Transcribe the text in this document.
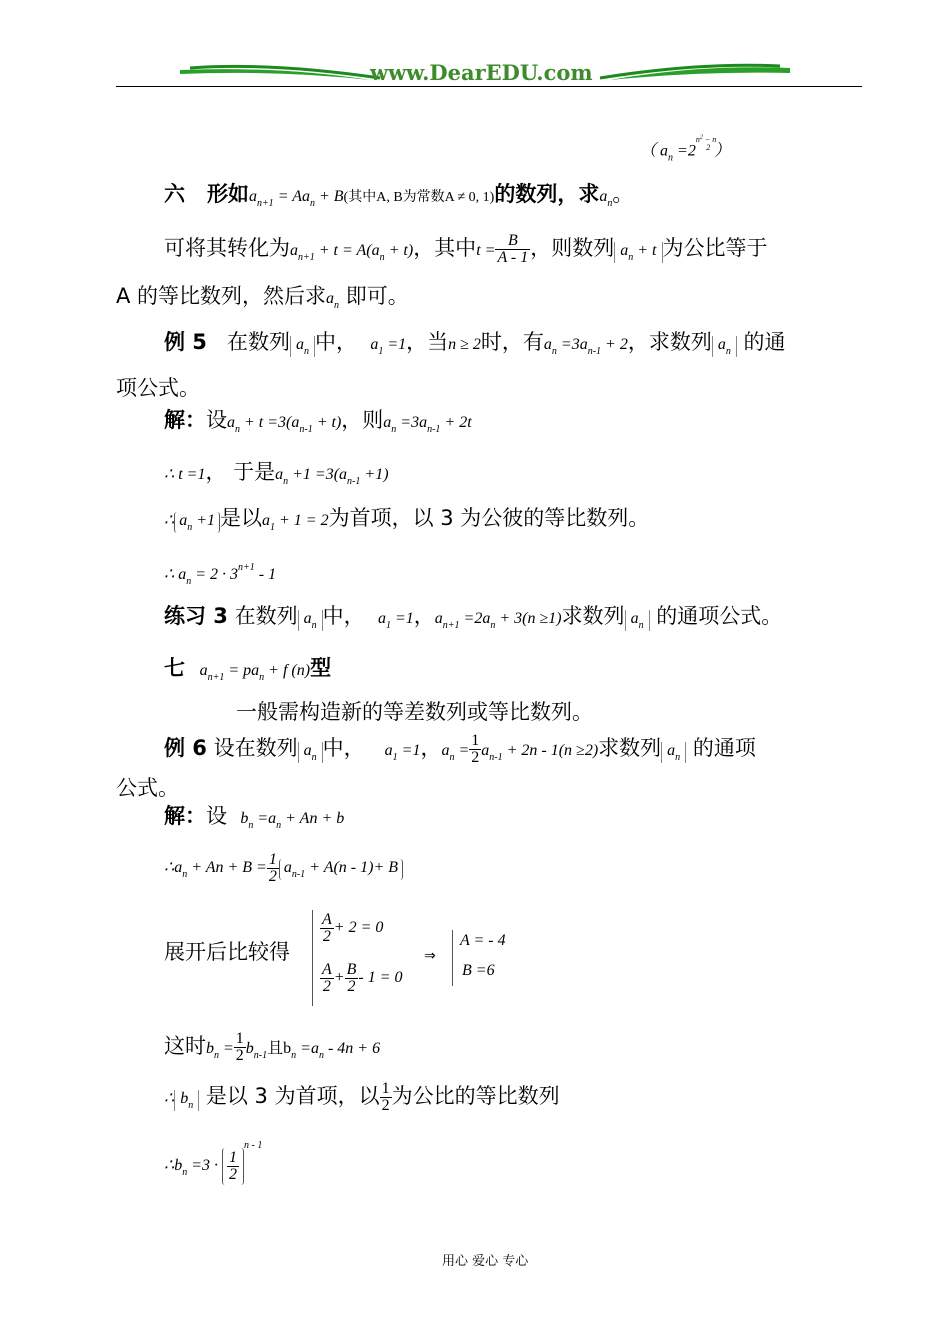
www.DearEDU.com
（ $a_n =2^{n^2 - n}$    $^2$ ）
六 形如$a_{n+1} = Aa_n + B$(其中A, B为常数A ≠ 0, 1)的数列，求$a_n$。
可将其转化为$a_{n+1} + t = A(a_n + t)$，其中$t = \frac{B}{A - 1}$ ，则数列 $a_n + t$ 为公比等于
A 的等比数列，然后求$a_n$ 即可。
例 5 在数列 $a_n$ 中， $a_1 =1$，当n ≥ 2时，有$a_n =3a_{n-1} + 2$，求数列 $a_n$ 的通
项公式。
解：设$a_n + t =3(a_{n-1} + t)$，则$a_n =3a_{n-1} + 2t$
∴ t =1， 于是$a_n +1 =3(a_{n-1} +1)$
∴ $a_n +1$ 是以$a_1 + 1 = 2$为首项，以 3 为公彼的等比数列。
∴ $a_n = 2 \cdot 3^{n+1} - 1$
练习 3 在数列 $a_n$ 中， $a_1 =1$，$a_{n+1} =2a_n + 3(n \ge 1)$求数列 $a_n$ 的通项公式。
七 $a_{n+1} = pa_n + f$ (n)型
一般需构造新的等差数列或等比数列。
例 6 设在数列 $a_n$ 中， $a_1 =1$，$a_n = \frac{1}{2} a_{n-1} + 2n - 1(n \ge 2)$求数列 $a_n$ 的通项
公式。
解：设 $b_n =a_n + An + b$
$\therefore a_n + An + B = \frac{1}{2} a_{n-1} + A(n - 1)+ B$
展开后比较得
$\frac{A}{2} + 2 = 0$
$\frac{A}{2} + \frac{B}{2} - 1 = 0$
⇒
A = - 4
B =6
这时$b_n = \frac{1}{2} b_{n-1}$且$b_n =a_n - 4n + 6$
∴ $b_n$ 是以 3 为首项，以 $\frac{1}{2}$ 为公比的等比数列
$\therefore b_n =3 \cdot \frac{1}{2}$
$^{n - 1}$
用心 爱心 专心
